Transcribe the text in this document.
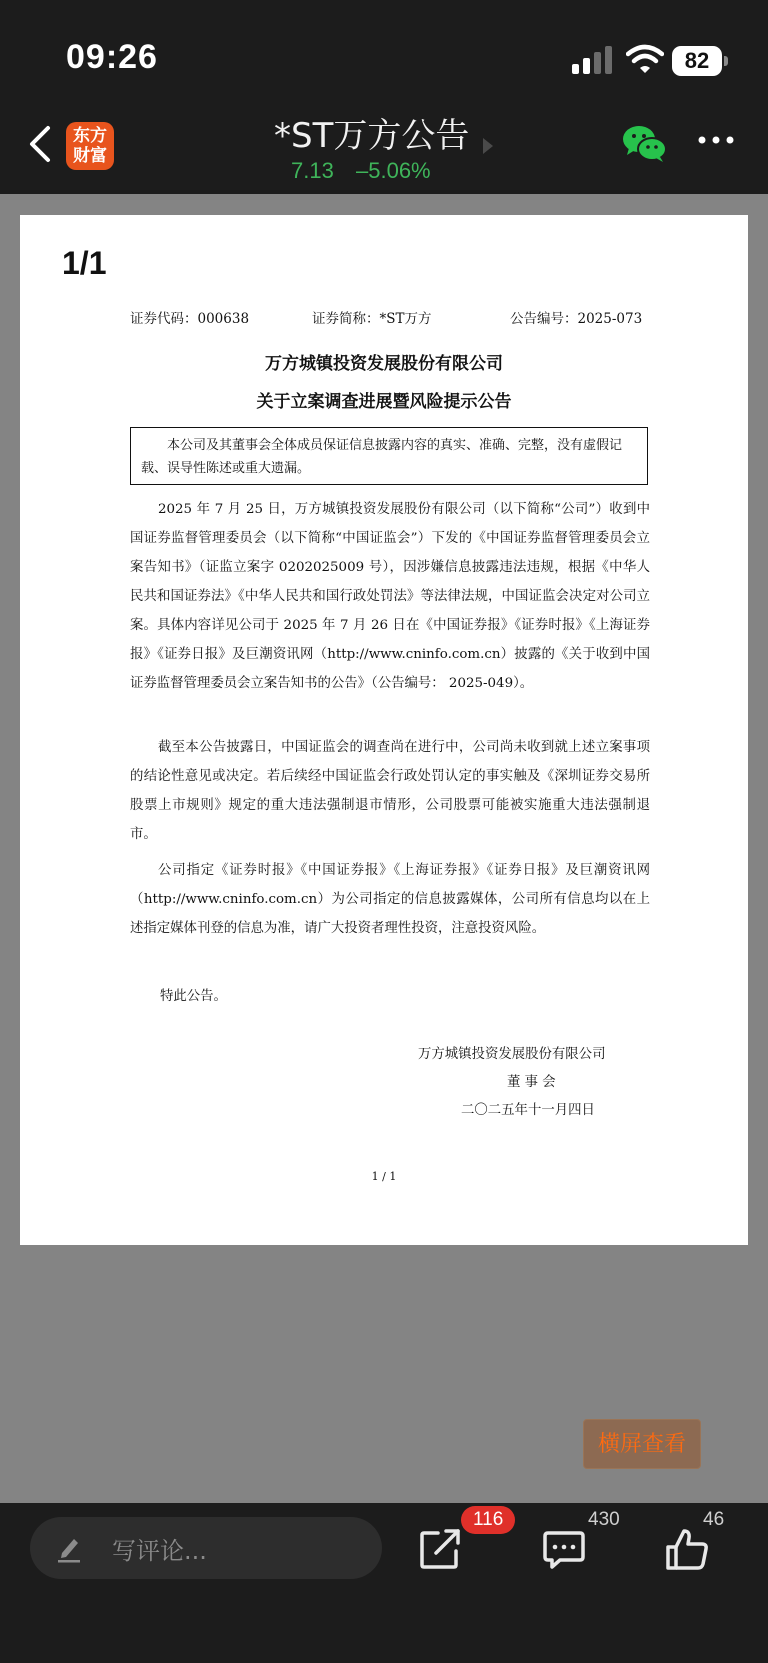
09:26	82
东方
财富	*ST万方公告
7.13 –5.06%
1/1
证券代码：000638	证券简称：*ST万方	公告编号：2025-073
万方城镇投资发展股份有限公司
关于立案调查进展暨风险提示公告
本公司及其董事会全体成员保证信息披露内容的真实、准确、完整，没有虚假记载、误导性陈述或重大遗漏。
2025 年 7 月 25 日，万方城镇投资发展股份有限公司（以下简称“公司”）收到中国证券监督管理委员会（以下简称“中国证监会”）下发的《中国证券监督管理委员会立案告知书》（证监立案字 0202025009 号），因涉嫌信息披露违法违规，根据《中华人民共和国证券法》《中华人民共和国行政处罚法》等法律法规，中国证监会决定对公司立案。具体内容详见公司于 2025 年 7 月 26 日在《中国证券报》《证券时报》《上海证券报》《证券日报》及巨潮资讯网（http://www.cninfo.com.cn）披露的《关于收到中国证券监督管理委员会立案告知书的公告》（公告编号： 2025-049）。
截至本公告披露日，中国证监会的调查尚在进行中，公司尚未收到就上述立案事项的结论性意见或决定。若后续经中国证监会行政处罚认定的事实触及《深圳证券交易所股票上市规则》规定的重大违法强制退市情形，公司股票可能被实施重大违法强制退市。
公司指定《证券时报》《中国证券报》《上海证券报》《证券日报》及巨潮资讯网（http://www.cninfo.com.cn）为公司指定的信息披露媒体，公司所有信息均以在上述指定媒体刊登的信息为准，请广大投资者理性投资，注意投资风险。
特此公告。
万方城镇投资发展股份有限公司
董 事 会
二〇二五年十一月四日
1 / 1
横屏查看
写评论...
116	430	46
